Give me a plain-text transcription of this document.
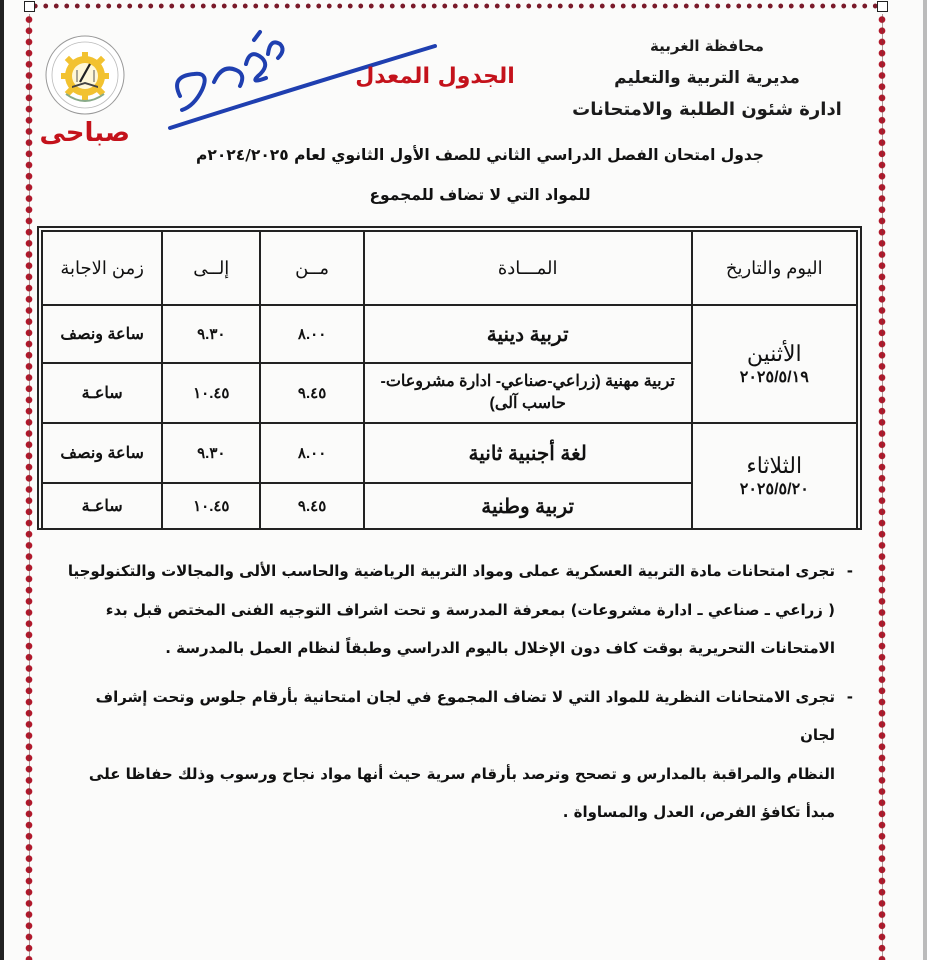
محافظة الغربية
مديرية التربية والتعليم
ادارة شئون الطلبة والامتحانات
صباحى
الجدول المعدل
جدول امتحان الفصل الدراسي الثاني للصف الأول الثانوي لعام ٢٠٢٤/٢٠٢٥م
للمواد التي لا تضاف للمجموع
اليوم والتاريخ	المـــادة	مــن	إلــى	زمن الاجابة

الأثنين
٢٠٢٥/٥/١٩	تربية دينية	٨.٠٠	٩.٣٠	ساعة ونصف
	تربية مهنية (زراعي-صناعي- ادارة مشروعات- حاسب آلى)	٩.٤٥	١٠.٤٥	ساعـة

الثلاثاء
٢٠٢٥/٥/٢٠	لغة أجنبية ثانية	٨.٠٠	٩.٣٠	ساعة ونصف
	تربية وطنية	٩.٤٥	١٠.٤٥	ساعـة

-
تجرى امتحانات مادة التربية العسكرية عملى ومواد التربية الرياضية والحاسب الألى والمجالات والتكنولوجيا

( زراعي ـ صناعي ـ ادارة مشروعات) بمعرفة المدرسة و تحت اشراف التوجيه الفنى المختص قبل بدء

الامتحانات التحريرية بوقت كاف دون الإخلال باليوم الدراسي وطبقاً لنظام العمل بالمدرسة .

-
تجرى الامتحانات النظرية للمواد التي لا تضاف المجموع في لجان امتحانية بأرقام جلوس وتحت إشراف لجان

النظام والمراقبة بالمدارس و تصحح وترصد بأرقام سرية حيث أنها مواد نجاح ورسوب وذلك حفاظا على

مبدأ تكافؤ الفرص، العدل والمساواة .
